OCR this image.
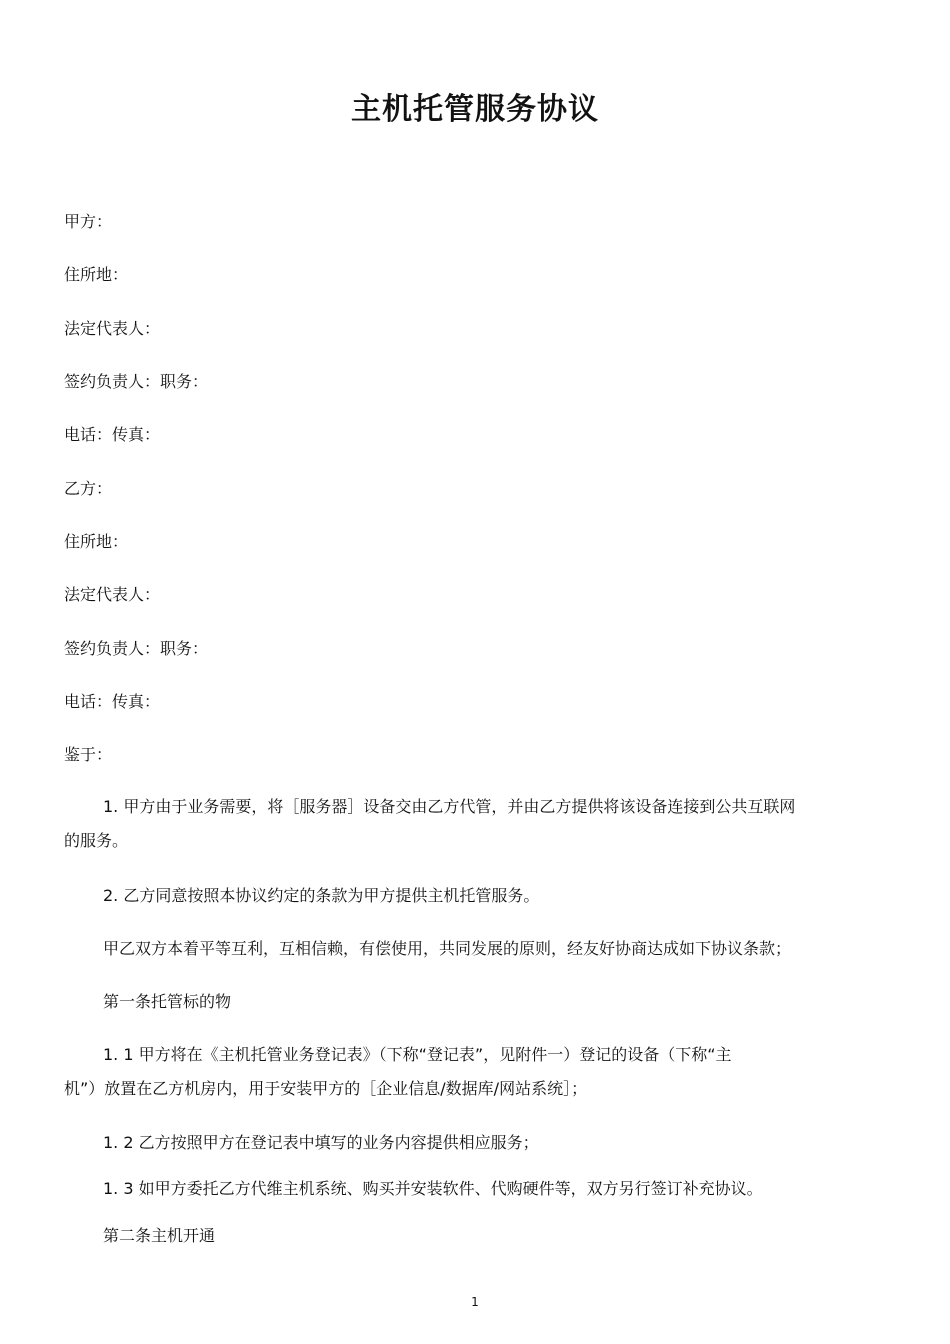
主机托管服务协议
甲方：
住所地：
法定代表人：
签约负责人：职务：
电话：传真：
乙方：
住所地：
法定代表人：
签约负责人：职务：
电话：传真：
鉴于：
1. 甲方由于业务需要，将［服务器］设备交由乙方代管，并由乙方提供将该设备连接到公共互联网
的服务。
2. 乙方同意按照本协议约定的条款为甲方提供主机托管服务。
甲乙双方本着平等互利，互相信赖，有偿使用，共同发展的原则，经友好协商达成如下协议条款；
第一条托管标的物
1. 1 甲方将在《主机托管业务登记表》（下称“登记表”，见附件一）登记的设备（下称“主
机”）放置在乙方机房内，用于安装甲方的［企业信息/数据库/网站系统］；
1. 2 乙方按照甲方在登记表中填写的业务内容提供相应服务；
1. 3 如甲方委托乙方代维主机系统、购买并安装软件、代购硬件等，双方另行签订补充协议。
第二条主机开通
1
